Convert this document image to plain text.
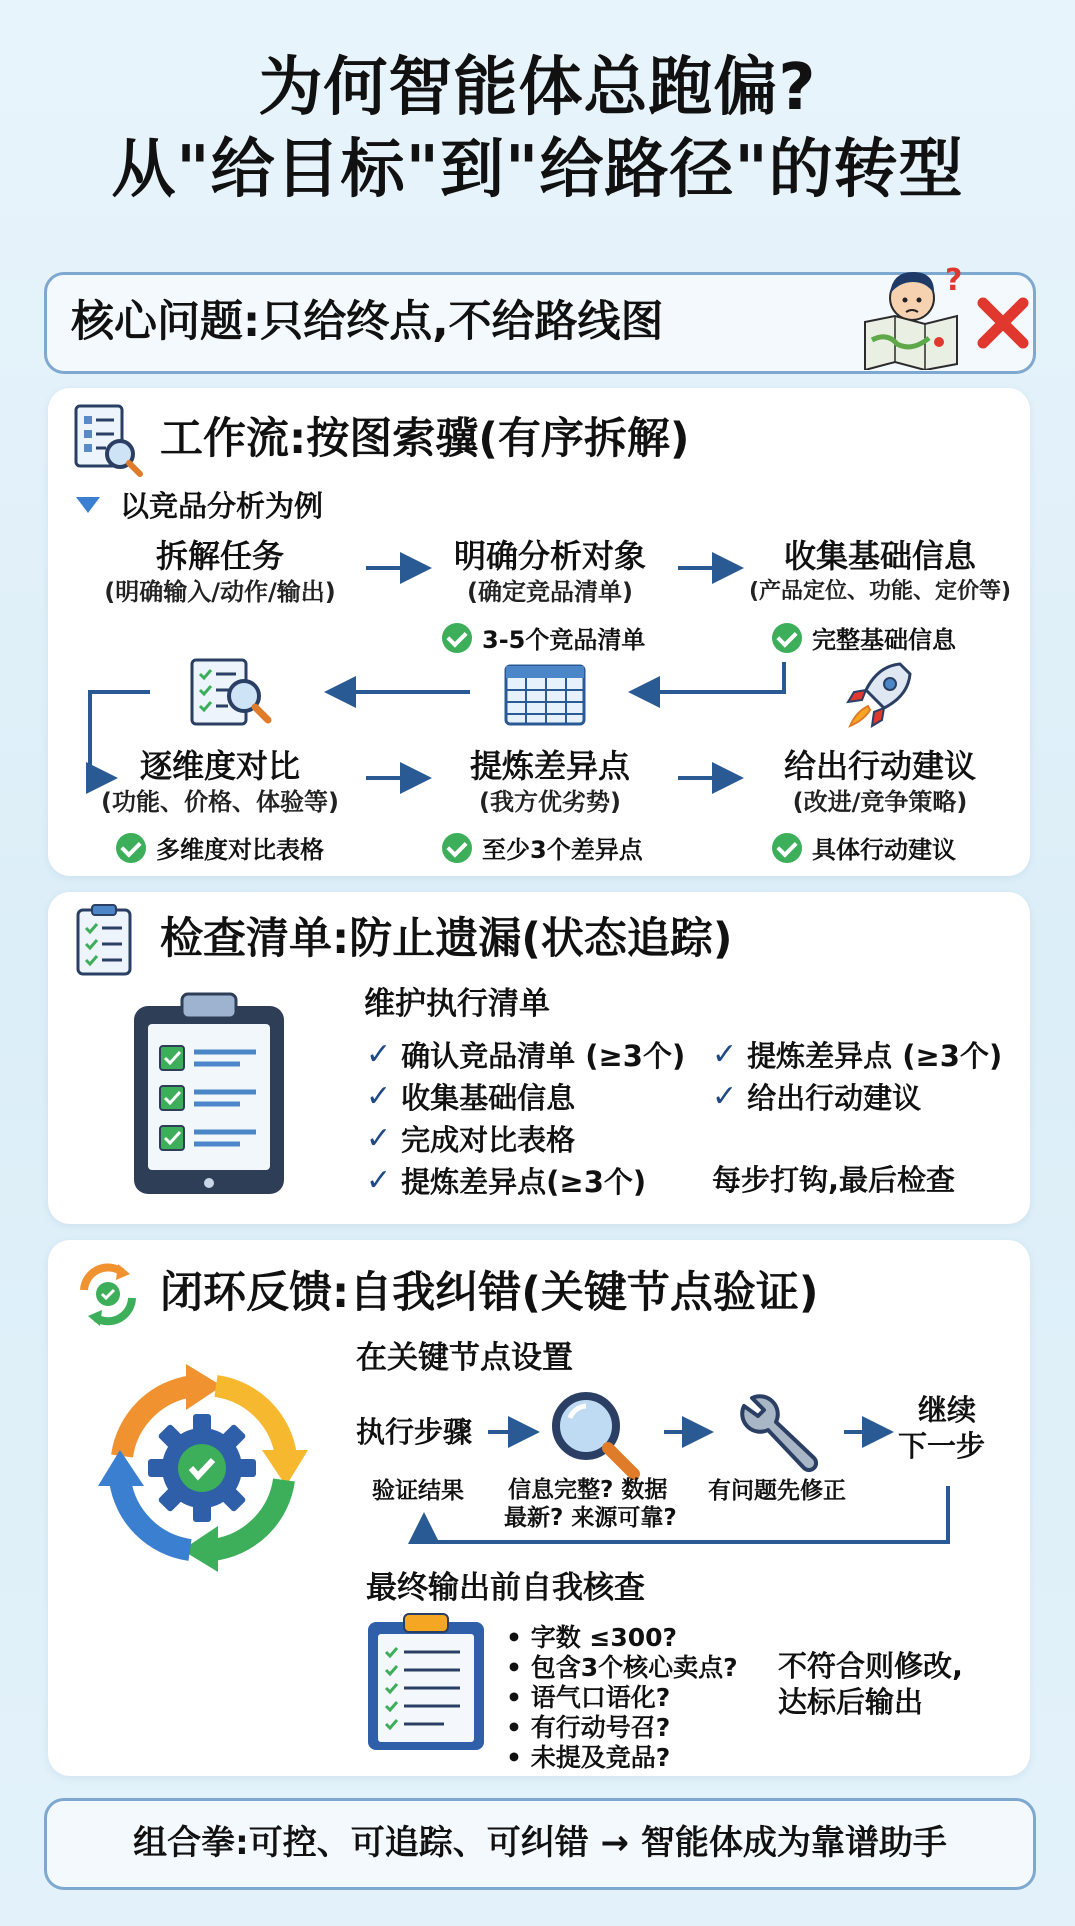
为何智能体总跑偏?
从"给目标"到"给路径"的转型
核心问题:只给终点,不给路线图
?
工作流:按图索骥(有序拆解)
以竞品分析为例
拆解任务
(明确输入/动作/输出)
明确分析对象
(确定竞品清单)
收集基础信息
(产品定位、功能、定价等)
3-5个竞品清单	完整基础信息
逐维度对比
(功能、价格、体验等)
提炼差异点
(我方优劣势)
给出行动建议
(改进/竞争策略)
多维度对比表格	至少3个差异点	具体行动建议
检查清单:防止遗漏(状态追踪)
维护执行清单
✓ 确认竞品清单 (≥3个)
✓ 收集基础信息
✓ 完成对比表格
✓ 提炼差异点(≥3个)
✓ 提炼差异点 (≥3个)
✓ 给出行动建议
每步打钩,最后检查
闭环反馈:自我纠错(关键节点验证)
在关键节点设置
执行步骤
继续
下一步
验证结果 信息完整? 数据
最新? 来源可靠?
有问题先修正
最终输出前自我核查
• 字数 ≤300?
• 包含3个核心卖点?
• 语气口语化?
• 有行动号召?
• 未提及竞品?
不符合则修改,
达标后输出
组合拳:可控、可追踪、可纠错 → 智能体成为靠谱助手
